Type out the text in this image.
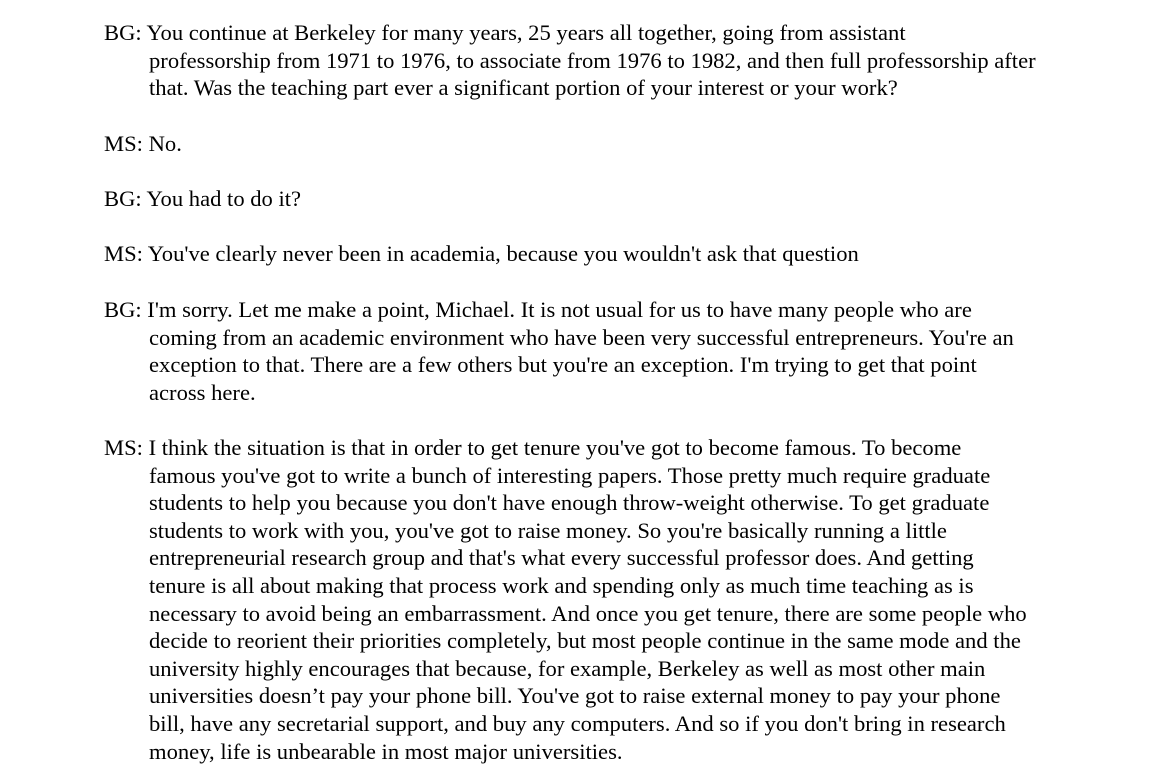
BG: You continue at Berkeley for many years, 25 years all together, going from assistant
professorship from 1971 to 1976, to associate from 1976 to 1982, and then full professorship after
that. Was the teaching part ever a significant portion of your interest or your work?
MS: No.
BG: You had to do it?
MS: You've clearly never been in academia, because you wouldn't ask that question
BG: I'm sorry. Let me make a point, Michael. It is not usual for us to have many people who are
coming from an academic environment who have been very successful entrepreneurs. You're an
exception to that. There are a few others but you're an exception. I'm trying to get that point
across here.
MS: I think the situation is that in order to get tenure you've got to become famous. To become
famous you've got to write a bunch of interesting papers. Those pretty much require graduate
students to help you because you don't have enough throw-weight otherwise. To get graduate
students to work with you, you've got to raise money. So you're basically running a little
entrepreneurial research group and that's what every successful professor does. And getting
tenure is all about making that process work and spending only as much time teaching as is
necessary to avoid being an embarrassment. And once you get tenure, there are some people who
decide to reorient their priorities completely, but most people continue in the same mode and the
university highly encourages that because, for example, Berkeley as well as most other main
universities doesn’t pay your phone bill. You've got to raise external money to pay your phone
bill, have any secretarial support, and buy any computers. And so if you don't bring in research
money, life is unbearable in most major universities.
